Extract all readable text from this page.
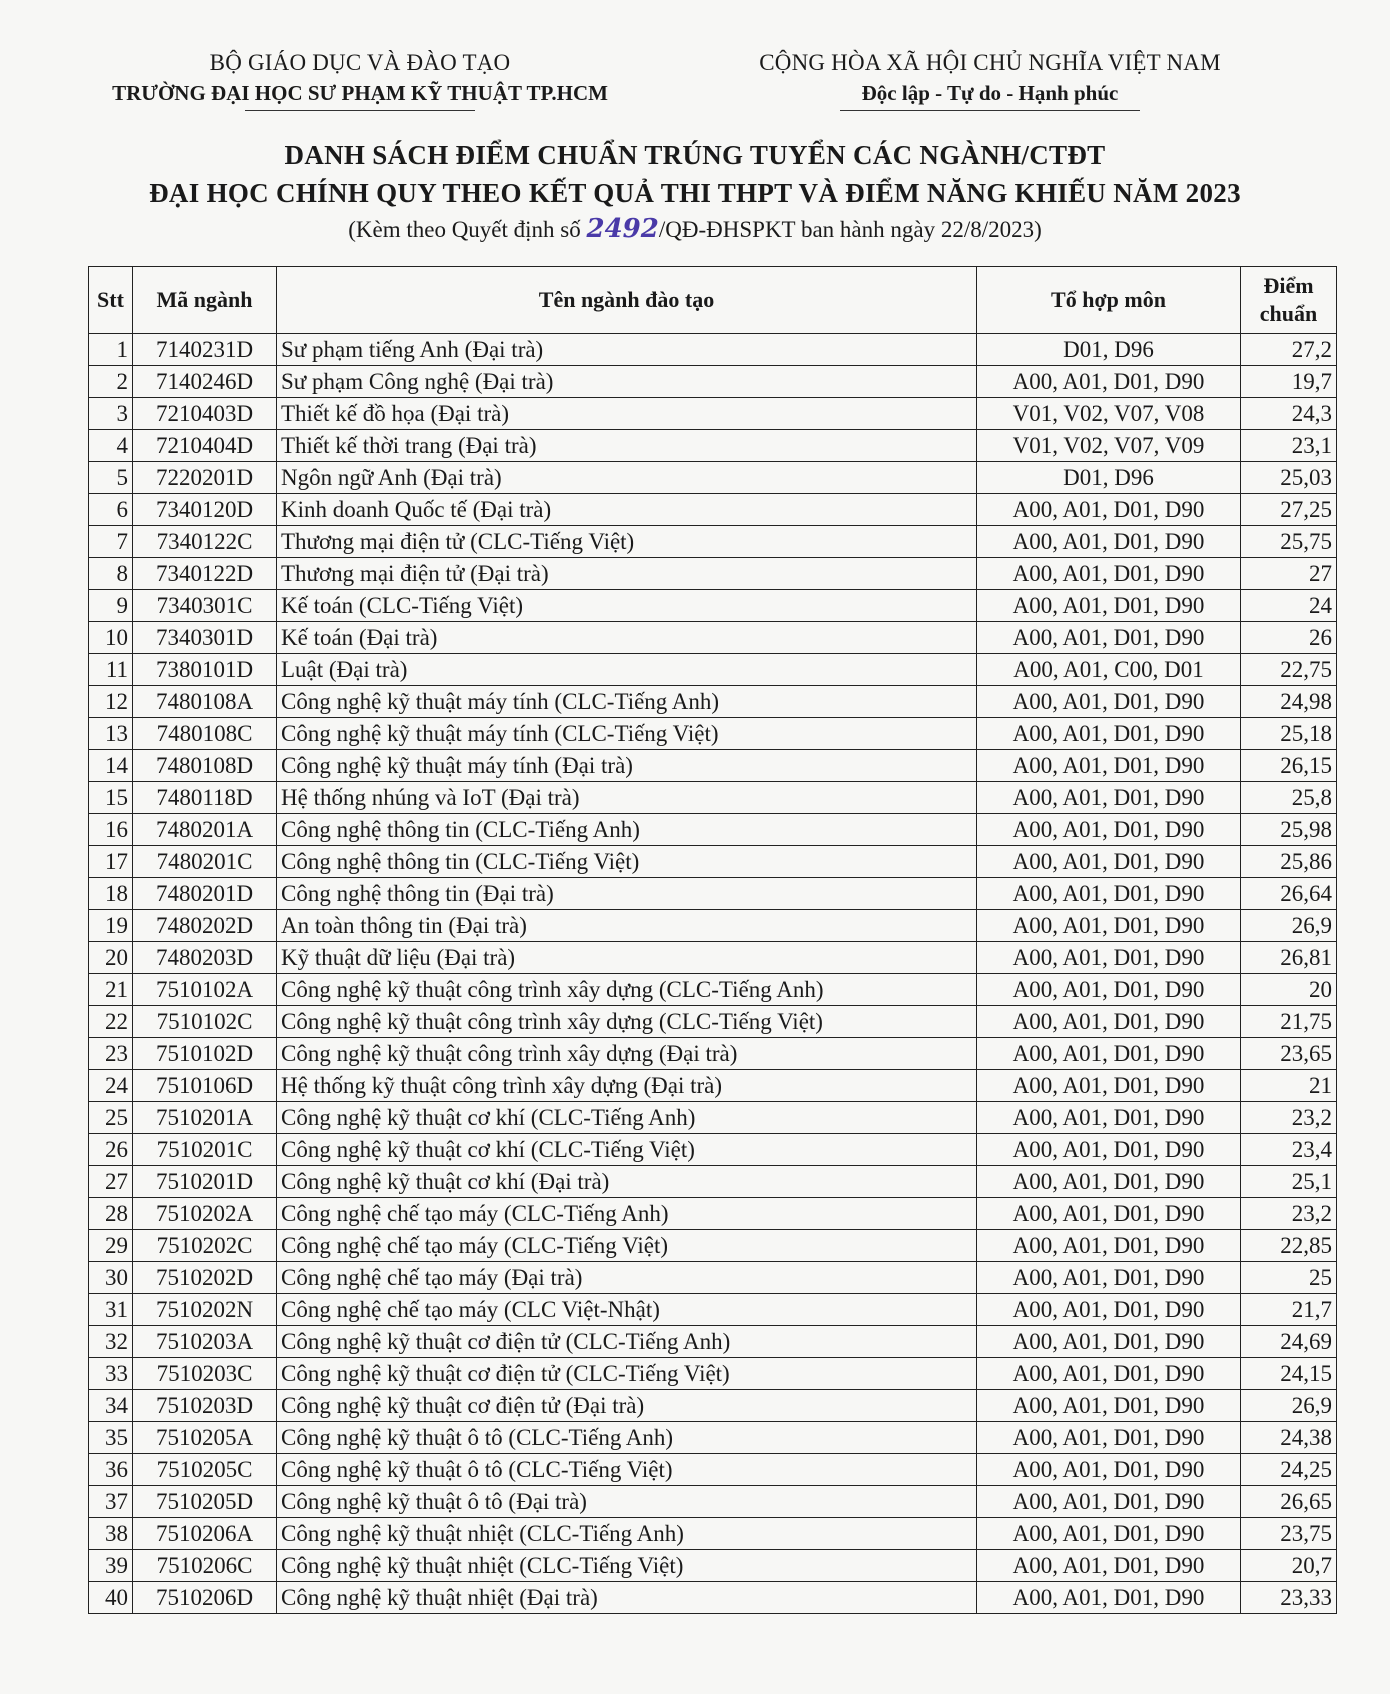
BỘ GIÁO DỤC VÀ ĐÀO TẠO
TRƯỜNG ĐẠI HỌC SƯ PHẠM KỸ THUẬT TP.HCM
CỘNG HÒA XÃ HỘI CHỦ NGHĨA VIỆT NAM
Độc lập - Tự do - Hạnh phúc
DANH SÁCH ĐIỂM CHUẨN TRÚNG TUYỂN CÁC NGÀNH/CTĐT
ĐẠI HỌC CHÍNH QUY THEO KẾT QUẢ THI THPT VÀ ĐIỂM NĂNG KHIẾU NĂM 2023
(Kèm theo Quyết định số 2492/QĐ-ĐHSPKT ban hành ngày 22/8/2023)
Stt	Mã ngành	Tên ngành đào tạo	Tổ hợp môn	Điểm chuẩn
1	7140231D	Sư phạm tiếng Anh (Đại trà)	D01, D96	27,2
2	7140246D	Sư phạm Công nghệ (Đại trà)	A00, A01, D01, D90	19,7
3	7210403D	Thiết kế đồ họa (Đại trà)	V01, V02, V07, V08	24,3
4	7210404D	Thiết kế thời trang (Đại trà)	V01, V02, V07, V09	23,1
5	7220201D	Ngôn ngữ Anh (Đại trà)	D01, D96	25,03
6	7340120D	Kinh doanh Quốc tế (Đại trà)	A00, A01, D01, D90	27,25
7	7340122C	Thương mại điện tử (CLC-Tiếng Việt)	A00, A01, D01, D90	25,75
8	7340122D	Thương mại điện tử (Đại trà)	A00, A01, D01, D90	27
9	7340301C	Kế toán (CLC-Tiếng Việt)	A00, A01, D01, D90	24
10	7340301D	Kế toán (Đại trà)	A00, A01, D01, D90	26
11	7380101D	Luật (Đại trà)	A00, A01, C00, D01	22,75
12	7480108A	Công nghệ kỹ thuật máy tính (CLC-Tiếng Anh)	A00, A01, D01, D90	24,98
13	7480108C	Công nghệ kỹ thuật máy tính (CLC-Tiếng Việt)	A00, A01, D01, D90	25,18
14	7480108D	Công nghệ kỹ thuật máy tính (Đại trà)	A00, A01, D01, D90	26,15
15	7480118D	Hệ thống nhúng và IoT (Đại trà)	A00, A01, D01, D90	25,8
16	7480201A	Công nghệ thông tin (CLC-Tiếng Anh)	A00, A01, D01, D90	25,98
17	7480201C	Công nghệ thông tin (CLC-Tiếng Việt)	A00, A01, D01, D90	25,86
18	7480201D	Công nghệ thông tin (Đại trà)	A00, A01, D01, D90	26,64
19	7480202D	An toàn thông tin (Đại trà)	A00, A01, D01, D90	26,9
20	7480203D	Kỹ thuật dữ liệu (Đại trà)	A00, A01, D01, D90	26,81
21	7510102A	Công nghệ kỹ thuật công trình xây dựng (CLC-Tiếng Anh)	A00, A01, D01, D90	20
22	7510102C	Công nghệ kỹ thuật công trình xây dựng (CLC-Tiếng Việt)	A00, A01, D01, D90	21,75
23	7510102D	Công nghệ kỹ thuật công trình xây dựng (Đại trà)	A00, A01, D01, D90	23,65
24	7510106D	Hệ thống kỹ thuật công trình xây dựng (Đại trà)	A00, A01, D01, D90	21
25	7510201A	Công nghệ kỹ thuật cơ khí (CLC-Tiếng Anh)	A00, A01, D01, D90	23,2
26	7510201C	Công nghệ kỹ thuật cơ khí (CLC-Tiếng Việt)	A00, A01, D01, D90	23,4
27	7510201D	Công nghệ kỹ thuật cơ khí (Đại trà)	A00, A01, D01, D90	25,1
28	7510202A	Công nghệ chế tạo máy (CLC-Tiếng Anh)	A00, A01, D01, D90	23,2
29	7510202C	Công nghệ chế tạo máy (CLC-Tiếng Việt)	A00, A01, D01, D90	22,85
30	7510202D	Công nghệ chế tạo máy (Đại trà)	A00, A01, D01, D90	25
31	7510202N	Công nghệ chế tạo máy (CLC Việt-Nhật)	A00, A01, D01, D90	21,7
32	7510203A	Công nghệ kỹ thuật cơ điện tử (CLC-Tiếng Anh)	A00, A01, D01, D90	24,69
33	7510203C	Công nghệ kỹ thuật cơ điện tử (CLC-Tiếng Việt)	A00, A01, D01, D90	24,15
34	7510203D	Công nghệ kỹ thuật cơ điện tử (Đại trà)	A00, A01, D01, D90	26,9
35	7510205A	Công nghệ kỹ thuật ô tô (CLC-Tiếng Anh)	A00, A01, D01, D90	24,38
36	7510205C	Công nghệ kỹ thuật ô tô (CLC-Tiếng Việt)	A00, A01, D01, D90	24,25
37	7510205D	Công nghệ kỹ thuật ô tô (Đại trà)	A00, A01, D01, D90	26,65
38	7510206A	Công nghệ kỹ thuật nhiệt (CLC-Tiếng Anh)	A00, A01, D01, D90	23,75
39	7510206C	Công nghệ kỹ thuật nhiệt (CLC-Tiếng Việt)	A00, A01, D01, D90	20,7
40	7510206D	Công nghệ kỹ thuật nhiệt (Đại trà)	A00, A01, D01, D90	23,33
